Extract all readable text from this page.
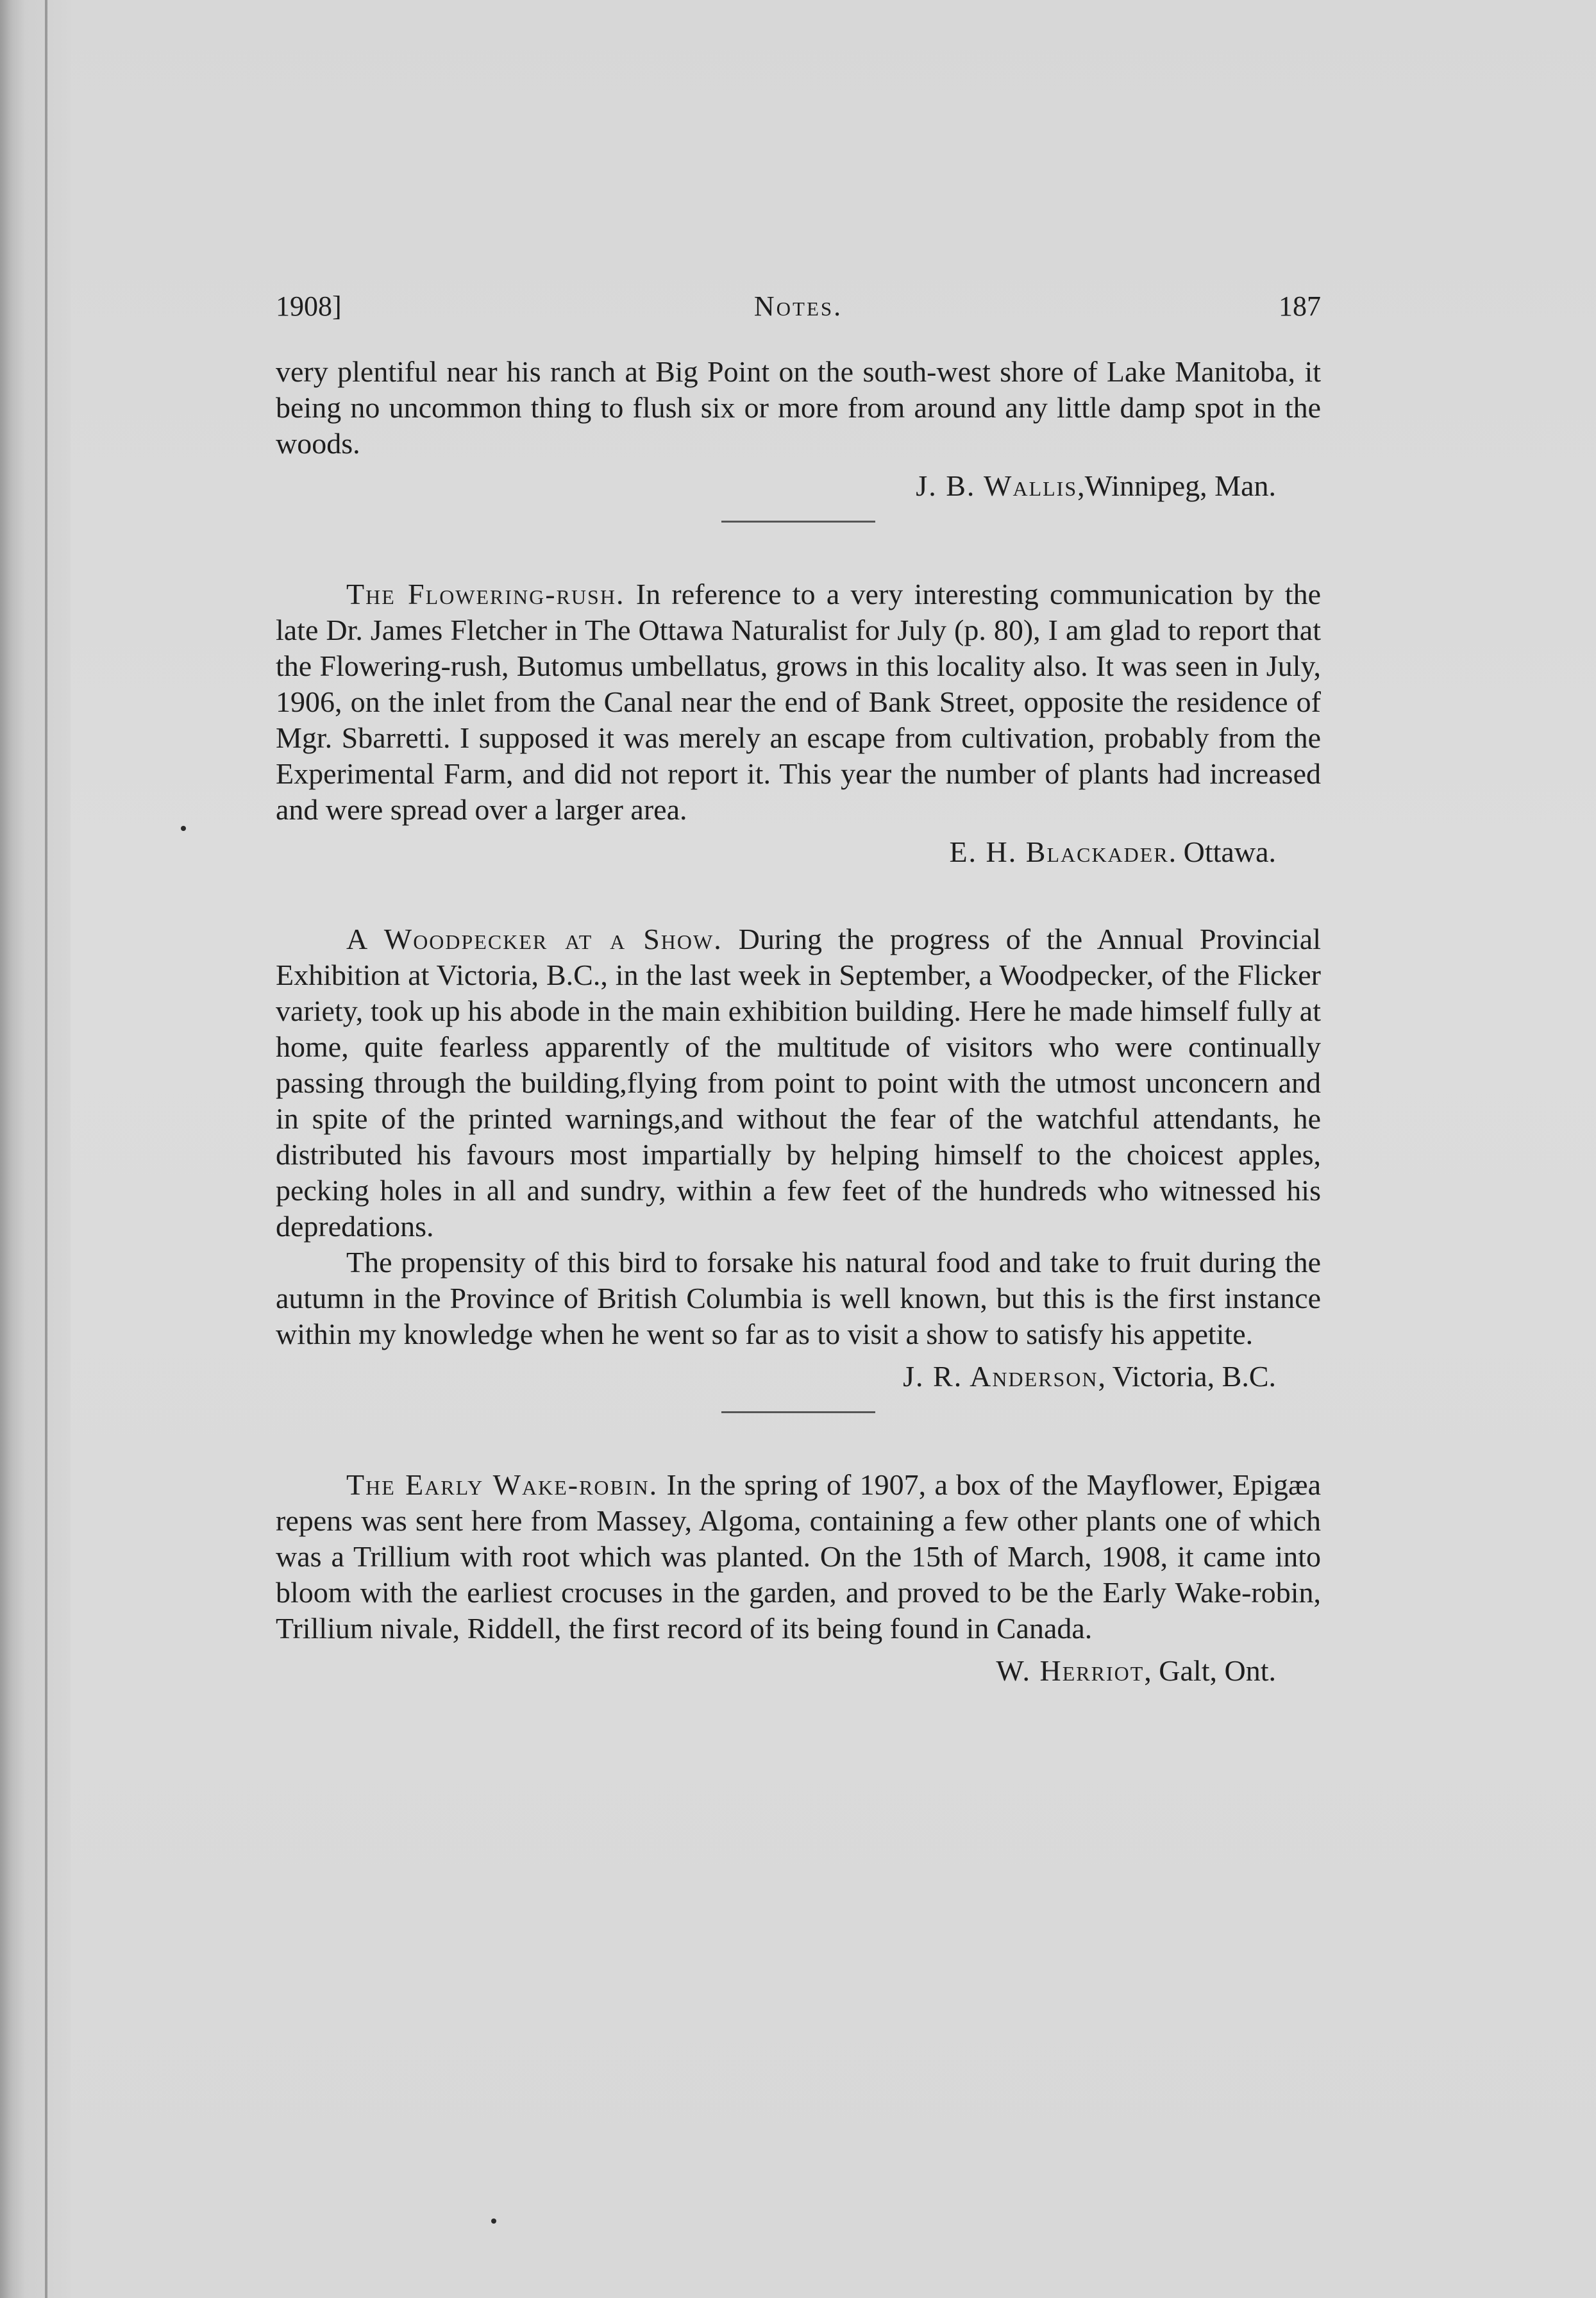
1908]	Notes.	187

very plentiful near his ranch at Big Point on the south-west shore of Lake Manitoba, it being no uncommon thing to flush six or more from around any little damp spot in the woods.

J. B. Wallis,Winnipeg, Man.

The Flowering-rush. In reference to a very interesting communication by the late Dr. James Fletcher in The Ottawa Naturalist for July (p. 80), I am glad to report that the Flowering-rush, Butomus umbellatus, grows in this locality also. It was seen in July, 1906, on the inlet from the Canal near the end of Bank Street, opposite the residence of Mgr. Sbarretti. I supposed it was merely an escape from cultivation, probably from the Experimental Farm, and did not report it. This year the number of plants had increased and were spread over a larger area.

E. H. Blackader. Ottawa.

A Woodpecker at a Show. During the progress of the Annual Provincial Exhibition at Victoria, B.C., in the last week in September, a Woodpecker, of the Flicker variety, took up his abode in the main exhibition building. Here he made himself fully at home, quite fearless apparently of the multitude of visitors who were continually passing through the building,flying from point to point with the utmost unconcern and in spite of the printed warnings,and without the fear of the watchful attendants, he distributed his favours most impartially by helping himself to the choicest apples, pecking holes in all and sundry, within a few feet of the hundreds who witnessed his depredations.

The propensity of this bird to forsake his natural food and take to fruit during the autumn in the Province of British Columbia is well known, but this is the first instance within my knowledge when he went so far as to visit a show to satisfy his appetite.

J. R. Anderson, Victoria, B.C.

The Early Wake-robin. In the spring of 1907, a box of the Mayflower, Epigæa repens was sent here from Massey, Algoma, containing a few other plants one of which was a Trillium with root which was planted. On the 15th of March, 1908, it came into bloom with the earliest crocuses in the garden, and proved to be the Early Wake-robin, Trillium nivale, Riddell, the first record of its being found in Canada.

W. Herriot, Galt, Ont.
